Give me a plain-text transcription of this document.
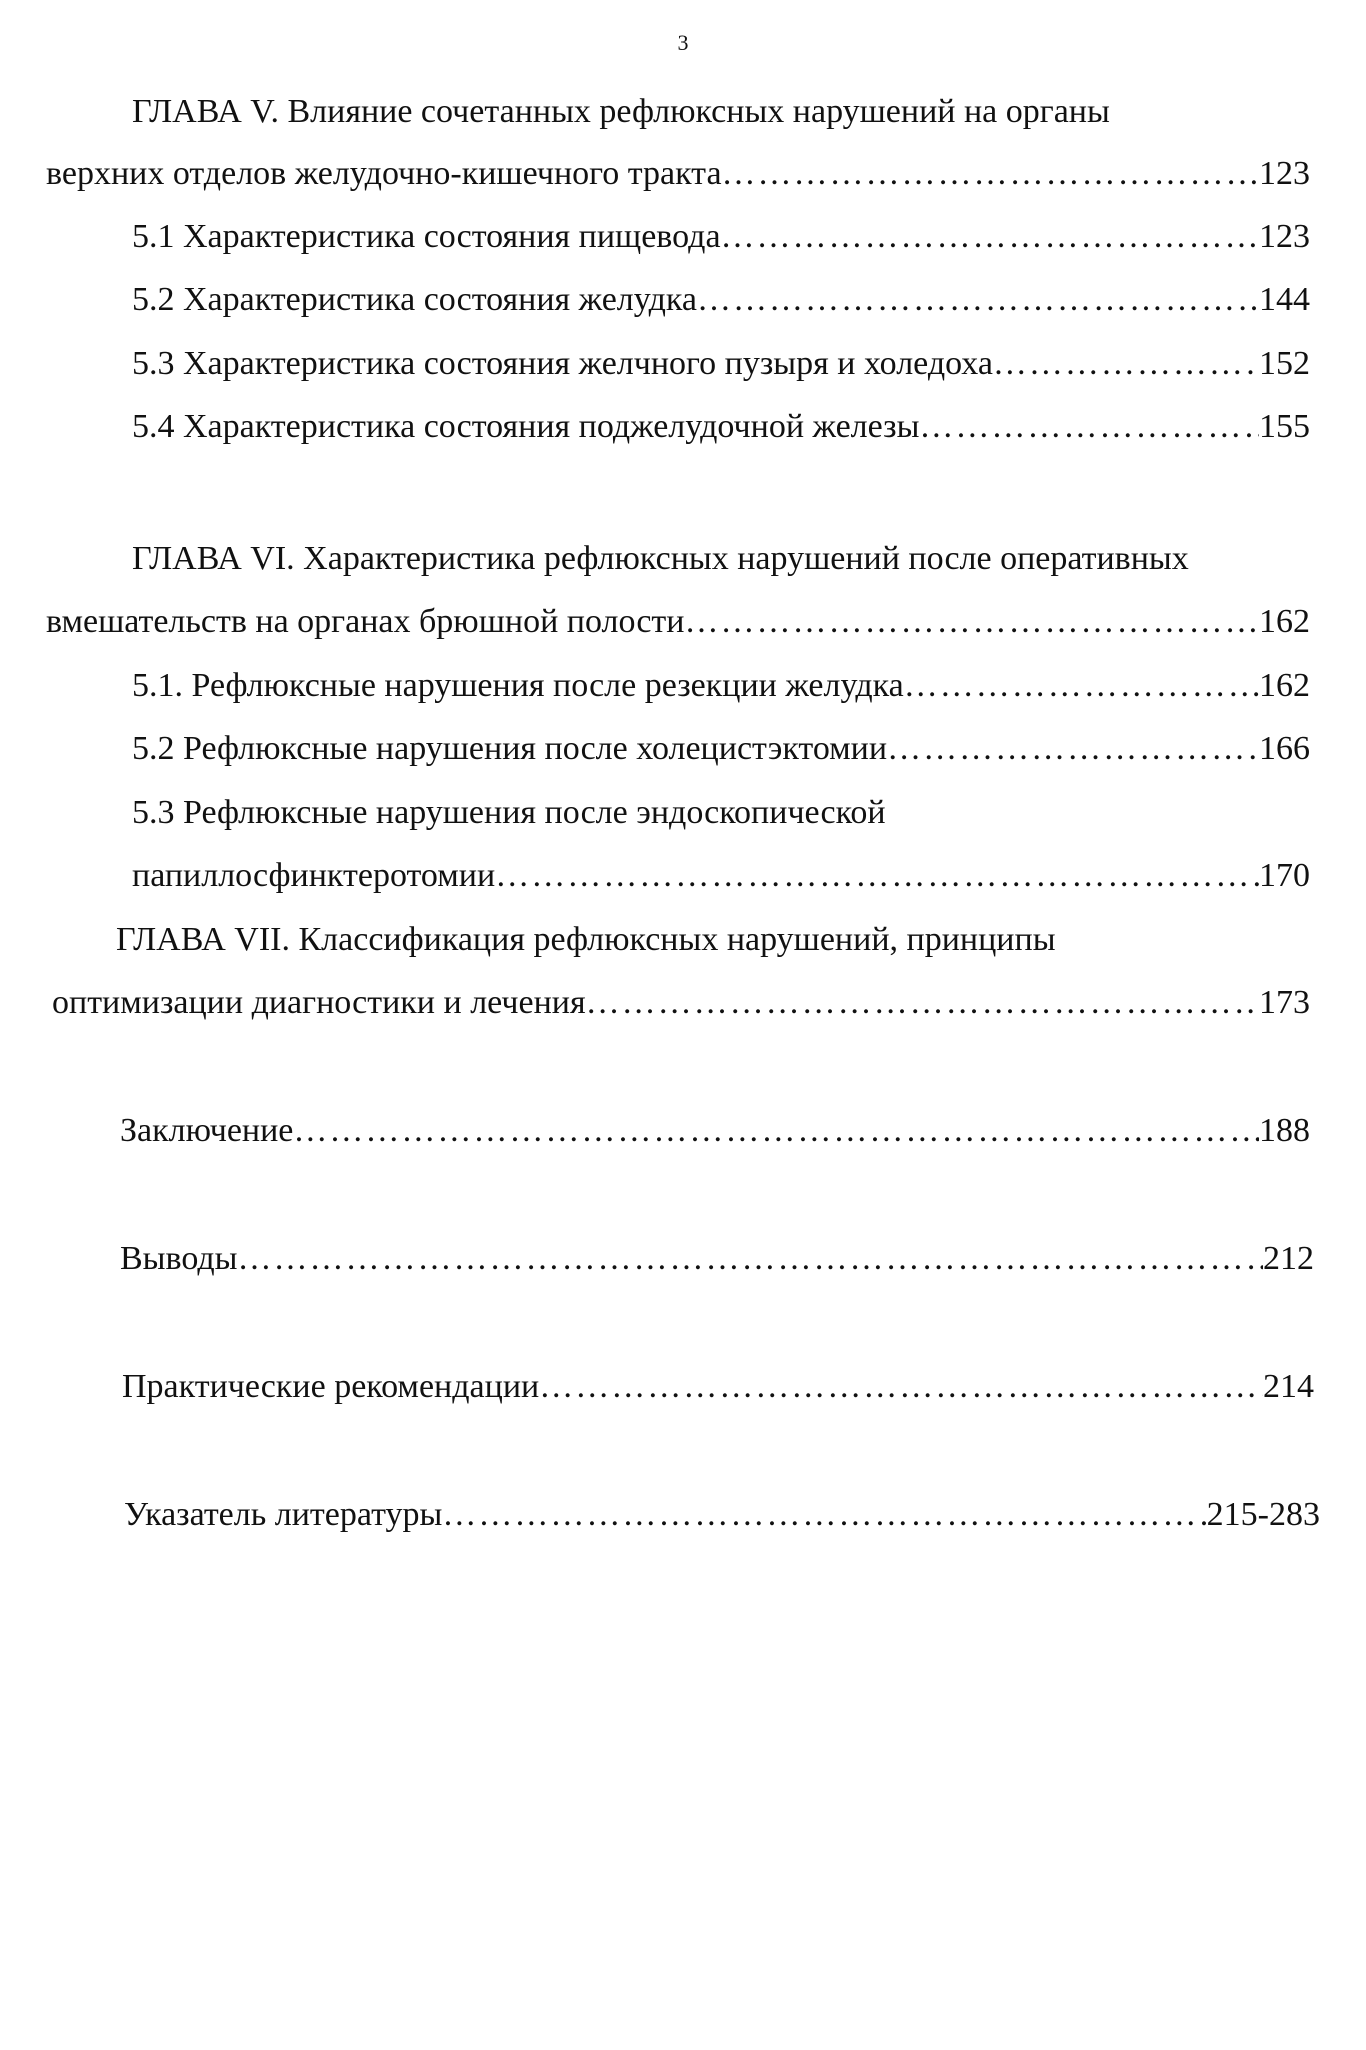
3
ГЛАВА V. Влияние сочетанных рефлюксных нарушений на органы
верхних отделов желудочно-кишечного тракта ……………………………………………………………………………………………………………………………………………………………………………	123
5.1 Характеристика состояния пищевода ……………………………………………………………………………………………………………………………………………………………………………	123
5.2 Характеристика состояния желудка ……………………………………………………………………………………………………………………………………………………………………………	144
5.3 Характеристика состояния желчного пузыря и холедоха ……………………………………………………………………………………………………………………………………………………………………………	152
5.4 Характеристика состояния поджелудочной железы ……………………………………………………………………………………………………………………………………………………………………………	155
ГЛАВА VI. Характеристика рефлюксных нарушений после оперативных
вмешательств на органах брюшной полости ……………………………………………………………………………………………………………………………………………………………………………	162
5.1. Рефлюксные нарушения после резекции желудка ……………………………………………………………………………………………………………………………………………………………………………	162
5.2 Рефлюксные нарушения после холецистэктомии ……………………………………………………………………………………………………………………………………………………………………………	166
5.3 Рефлюксные нарушения после эндоскопической
папиллосфинктеротомии ……………………………………………………………………………………………………………………………………………………………………………	170
ГЛАВА VII. Классификация рефлюксных нарушений, принципы
оптимизации диагностики и лечения ……………………………………………………………………………………………………………………………………………………………………………	173
Заключение ……………………………………………………………………………………………………………………………………………………………………………	188
Выводы ……………………………………………………………………………………………………………………………………………………………………………	212
Практические рекомендации ……………………………………………………………………………………………………………………………………………………………………………	214
Указатель литературы ……………………………………………………………………………………………………………………………………………………………………………	215-283
